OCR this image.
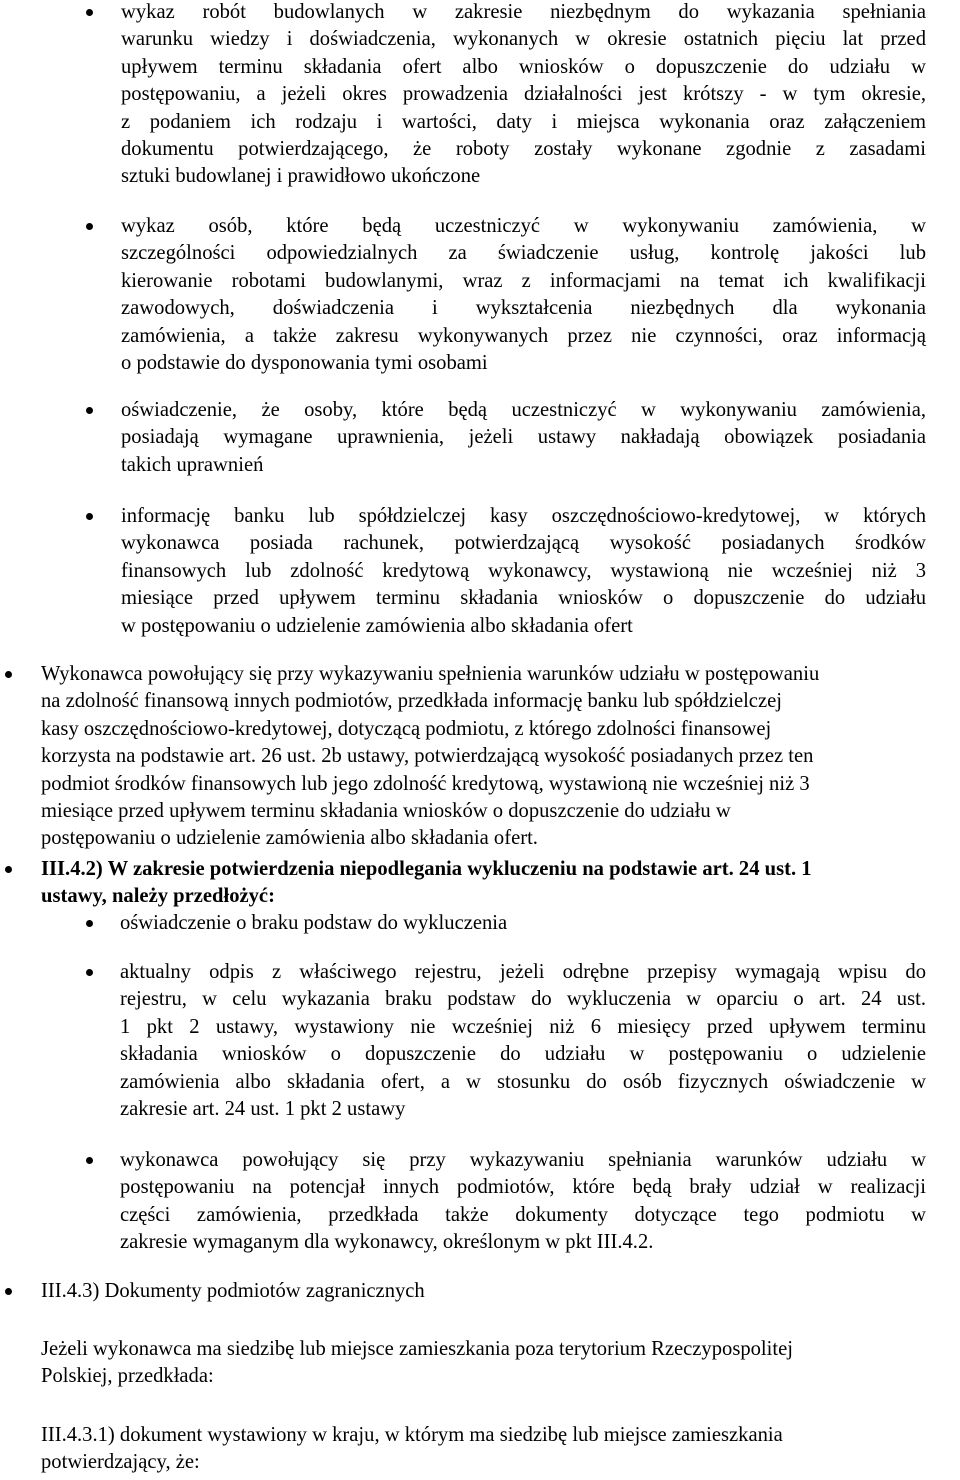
wykaz robót budowlanych w zakresie niezbędnym do wykazania spełniania
warunku wiedzy i doświadczenia, wykonanych w okresie ostatnich pięciu lat przed
upływem terminu składania ofert albo wniosków o dopuszczenie do udziału w
postępowaniu, a jeżeli okres prowadzenia działalności jest krótszy - w tym okresie,
z podaniem ich rodzaju i wartości, daty i miejsca wykonania oraz załączeniem
dokumentu potwierdzającego, że roboty zostały wykonane zgodnie z zasadami
sztuki budowlanej i prawidłowo ukończone
wykaz osób, które będą uczestniczyć w wykonywaniu zamówienia, w
szczególności odpowiedzialnych za świadczenie usług, kontrolę jakości lub
kierowanie robotami budowlanymi, wraz z informacjami na temat ich kwalifikacji
zawodowych, doświadczenia i wykształcenia niezbędnych dla wykonania
zamówienia, a także zakresu wykonywanych przez nie czynności, oraz informacją
o podstawie do dysponowania tymi osobami
oświadczenie, że osoby, które będą uczestniczyć w wykonywaniu zamówienia,
posiadają wymagane uprawnienia, jeżeli ustawy nakładają obowiązek posiadania
takich uprawnień
informację banku lub spółdzielczej kasy oszczędnościowo-kredytowej, w których
wykonawca posiada rachunek, potwierdzającą wysokość posiadanych środków
finansowych lub zdolność kredytową wykonawcy, wystawioną nie wcześniej niż 3
miesiące przed upływem terminu składania wniosków o dopuszczenie do udziału
w postępowaniu o udzielenie zamówienia albo składania ofert
Wykonawca powołujący się przy wykazywaniu spełnienia warunków udziału w postępowaniu
na zdolność finansową innych podmiotów, przedkłada informację banku lub spółdzielczej
kasy oszczędnościowo-kredytowej, dotyczącą podmiotu, z którego zdolności finansowej
korzysta na podstawie art. 26 ust. 2b ustawy, potwierdzającą wysokość posiadanych przez ten
podmiot środków finansowych lub jego zdolność kredytową, wystawioną nie wcześniej niż 3
miesiące przed upływem terminu składania wniosków o dopuszczenie do udziału w
postępowaniu o udzielenie zamówienia albo składania ofert.
III.4.2) W zakresie potwierdzenia niepodlegania wykluczeniu na podstawie art. 24 ust. 1
ustawy, należy przedłożyć:
oświadczenie o braku podstaw do wykluczenia
aktualny odpis z właściwego rejestru, jeżeli odrębne przepisy wymagają wpisu do
rejestru, w celu wykazania braku podstaw do wykluczenia w oparciu o art. 24 ust.
1 pkt 2 ustawy, wystawiony nie wcześniej niż 6 miesięcy przed upływem terminu
składania wniosków o dopuszczenie do udziału w postępowaniu o udzielenie
zamówienia albo składania ofert, a w stosunku do osób fizycznych oświadczenie w
zakresie art. 24 ust. 1 pkt 2 ustawy
wykonawca powołujący się przy wykazywaniu spełniania warunków udziału w
postępowaniu na potencjał innych podmiotów, które będą brały udział w realizacji
części zamówienia, przedkłada także dokumenty dotyczące tego podmiotu w
zakresie wymaganym dla wykonawcy, określonym w pkt III.4.2.
III.4.3) Dokumenty podmiotów zagranicznych
Jeżeli wykonawca ma siedzibę lub miejsce zamieszkania poza terytorium Rzeczypospolitej
Polskiej, przedkłada:
III.4.3.1) dokument wystawiony w kraju, w którym ma siedzibę lub miejsce zamieszkania
potwierdzający, że:
